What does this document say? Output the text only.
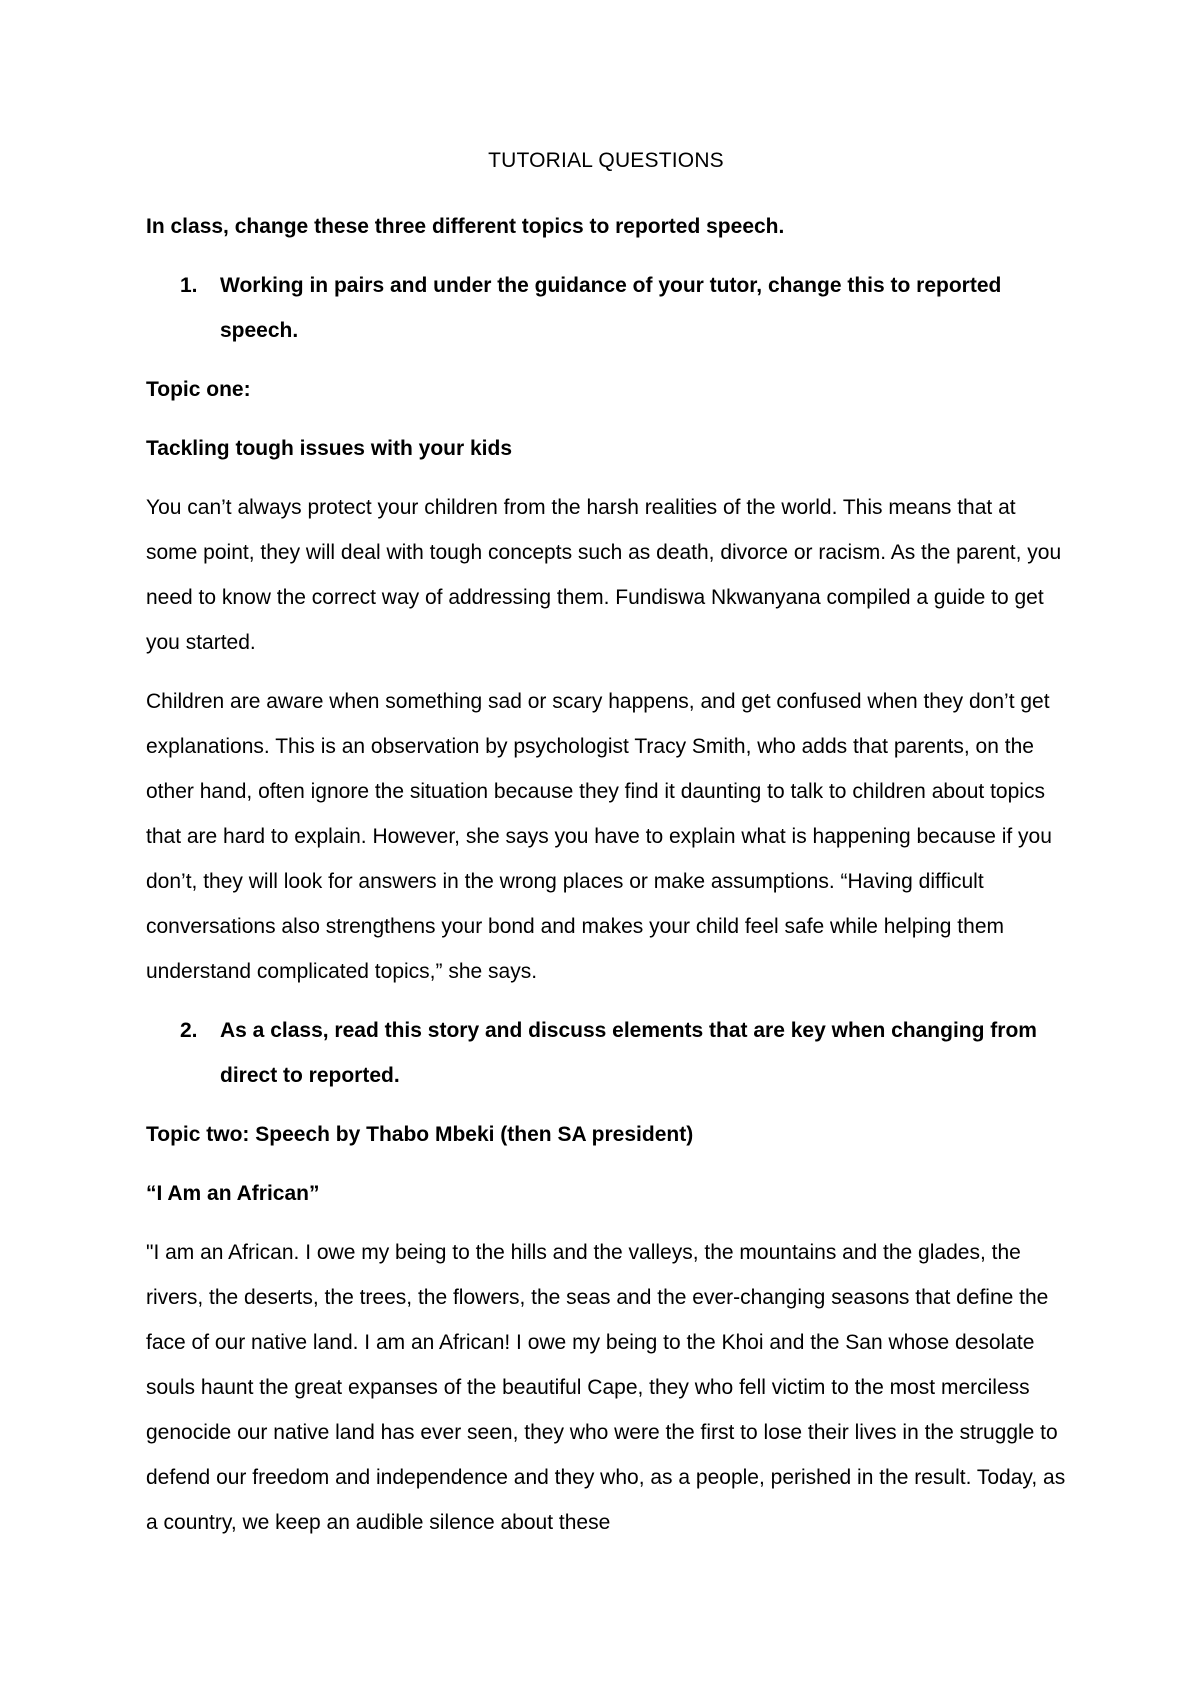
TUTORIAL QUESTIONS

In class, change these three different topics to reported speech.

1.	Working in pairs and under the guidance of your tutor, change this to reported speech.

Topic one:

Tackling tough issues with your kids

You can’t always protect your children from the harsh realities of the world. This means that at some point, they will deal with tough concepts such as death, divorce or racism. As the parent, you need to know the correct way of addressing them. Fundiswa Nkwanyana compiled a guide to get you started.

Children are aware when something sad or scary happens, and get confused when they don’t get explanations. This is an observation by psychologist Tracy Smith, who adds that parents, on the other hand, often ignore the situation because they find it daunting to talk to children about topics that are hard to explain. However, she says you have to explain what is happening because if you don’t, they will look for answers in the wrong places or make assumptions. “Having difficult conversations also strengthens your bond and makes your child feel safe while helping them understand complicated topics,” she says.

2.	As a class, read this story and discuss elements that are key when changing from direct to reported.

Topic two: Speech by Thabo Mbeki (then SA president)

“I Am an African”

"I am an African. I owe my being to the hills and the valleys, the mountains and the glades, the rivers, the deserts, the trees, the flowers, the seas and the ever-changing seasons that define the face of our native land. I am an African! I owe my being to the Khoi and the San whose desolate souls haunt the great expanses of the beautiful Cape, they who fell victim to the most merciless genocide our native land has ever seen, they who were the first to lose their lives in the struggle to defend our freedom and independence and they who, as a people, perished in the result. Today, as a country, we keep an audible silence about these
